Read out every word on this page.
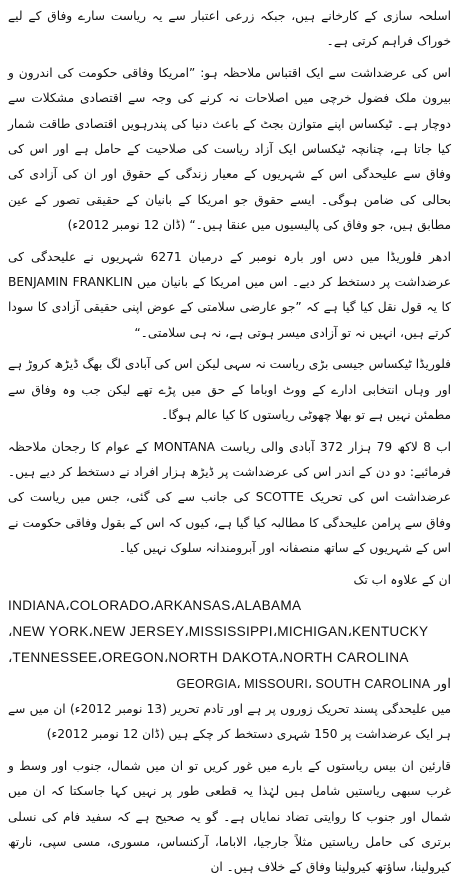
اسلحہ سازی کے کارخانے ہیں، جبکہ زرعی اعتبار سے یہ ریاست سارے وفاق کے لیے خوراک فراہم کرتی ہے۔

اس کی عرضداشت سے ایک اقتباس ملاحظہ ہو: ”امریکا وفاقی حکومت کی اندرون و بیرون ملک فضول خرچی میں اصلاحات نہ کرنے کی وجہ سے اقتصادی مشکلات سے دوچار ہے۔ ٹیکساس اپنے متوازن بجٹ کے باعث دنیا کی پندرہویں اقتصادی طاقت شمار کیا جاتا ہے، چنانچہ ٹیکساس ایک آزاد ریاست کی صلاحیت کے حامل ہے اور اس کی وفاق سے علیحدگی اس کے شہریوں کے معیار زندگی کے حقوق اور ان کی آزادی کی بحالی کی ضامن ہوگی۔ ایسے حقوق جو امریکا کے بانیان کے حقیقی تصور کے عین مطابق ہیں، جو وفاق کی پالیسیوں میں عنقا ہیں۔“ (ڈان 12 نومبر 2012ء)

ادھر فلوریڈا میں دس اور بارہ نومبر کے درمیان 6271 شہریوں نے علیحدگی کی عرضداشت پر دستخط کر دیے۔ اس میں امریکا کے بانیان میں BENJAMIN FRANKLIN کا یہ قول نقل کیا گیا ہے کہ ”جو عارضی سلامتی کے عوض اپنی حقیقی آزادی کا سودا کرتے ہیں، انہیں نہ تو آزادی میسر ہوتی ہے، نہ ہی سلامتی۔“

فلوریڈا ٹیکساس جیسی بڑی ریاست نہ سہی لیکن اس کی آبادی لگ بھگ ڈیڑھ کروڑ ہے اور وہاں انتخابی ادارے کے ووٹ اوباما کے حق میں پڑے تھے لیکن جب وہ وفاق سے مطمئن نہیں ہے تو بھلا چھوٹی ریاستوں کا کیا عالم ہوگا۔

اب 8 لاکھ 79 ہزار 372 آبادی والی ریاست MONTANA کے عوام کا رجحان ملاحظہ فرمائیے: دو دن کے اندر اس کی عرضداشت پر ڈیڑھ ہزار افراد نے دستخط کر دیے ہیں۔ عرضداشت اس کی تحریک SCOTTE کی جانب سے کی گئی، جس میں ریاست کی وفاق سے پرامن علیحدگی کا مطالبہ کیا گیا ہے، کیوں کہ اس کے بقول وفاقی حکومت نے اس کے شہریوں کے ساتھ منصفانہ اور آبرومندانہ سلوک نہیں کیا۔

ان کے علاوہ اب تک

INDIANA،COLORADO،ARKANSAS،ALABAMA

،NEW YORK،NEW JERSEY،MISSISSIPPI،MICHIGAN،KENTUCKY

،TENNESSEE،OREGON،NORTH DAKOTA،NORTH CAROLINA

اور GEORGIA، MISSOURI، SOUTH CAROLINA

میں علیحدگی پسند تحریک زوروں پر ہے اور تادم تحریر (13 نومبر 2012ء) ان میں سے ہر ایک عرضداشت پر 150 شہری دستخط کر چکے ہیں (ڈان 12 نومبر 2012ء)

قارئین ان بیس ریاستوں کے بارے میں غور کریں تو ان میں شمال، جنوب اور وسط و غرب سبھی ریاستیں شامل ہیں لہٰذا یہ قطعی طور پر نہیں کہا جاسکتا کہ ان میں شمال اور جنوب کا روایتی تضاد نمایاں ہے۔ گو یہ صحیح ہے کہ سفید فام کی نسلی برتری کی حامل ریاستیں مثلاً جارجیا، الاباما، آرکنساس، مسوری، مسی سپی، نارتھ کیرولینا، ساؤتھ کیرولینا وفاق کے خلاف ہیں۔ ان
